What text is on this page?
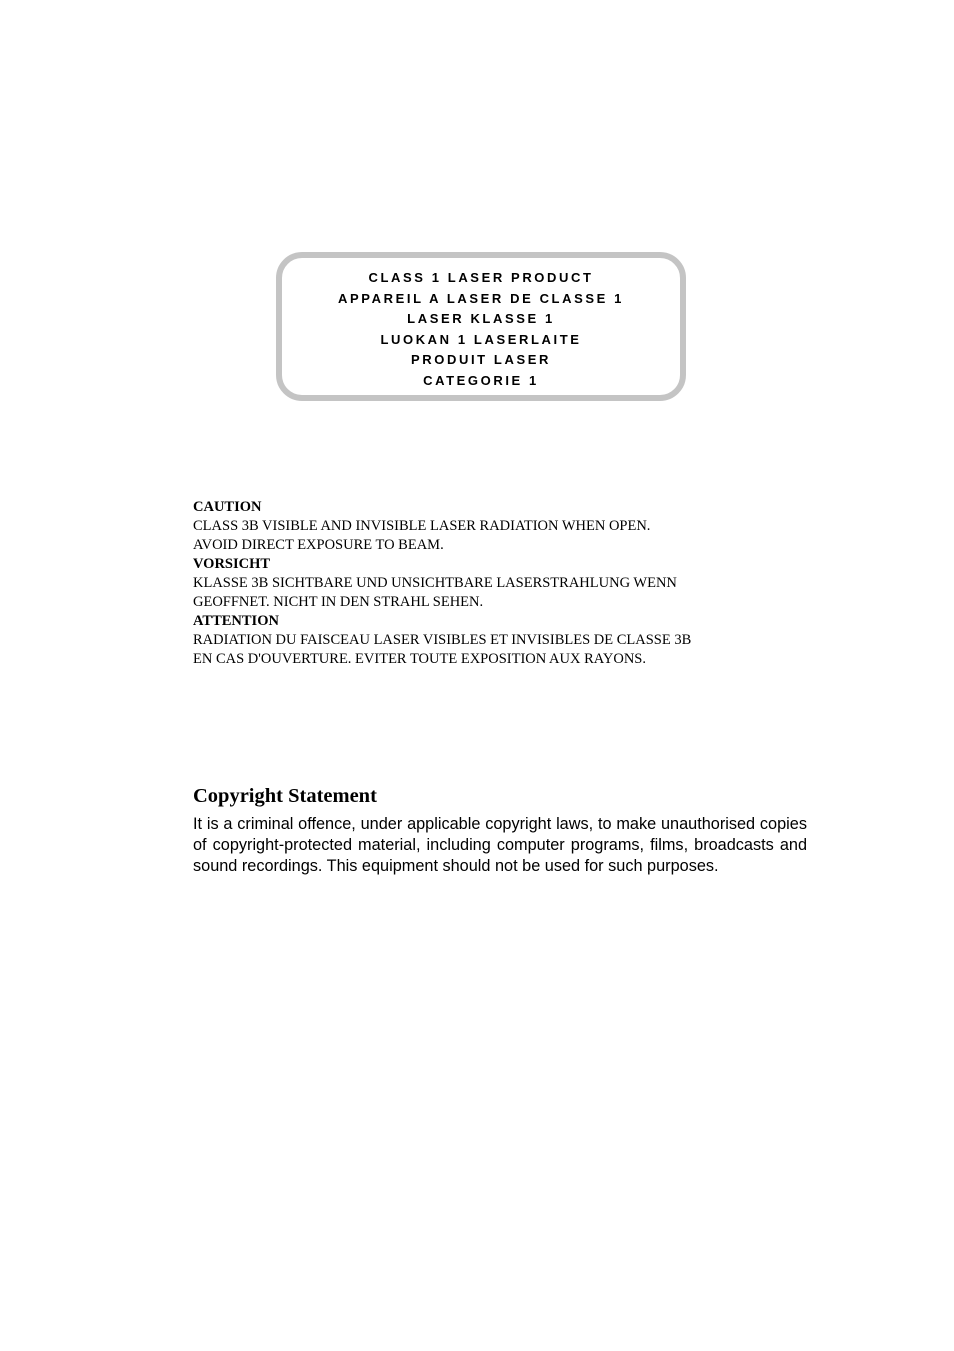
CLASS 1 LASER PRODUCT
APPAREIL A LASER DE CLASSE 1
LASER KLASSE 1
LUOKAN 1 LASERLAITE
PRODUIT LASER
CATEGORIE 1
CAUTION
CLASS 3B VISIBLE AND INVISIBLE LASER RADIATION WHEN OPEN.
AVOID DIRECT EXPOSURE TO BEAM.
VORSICHT
KLASSE 3B SICHTBARE UND UNSICHTBARE LASERSTRAHLUNG WENN
GEOFFNET. NICHT IN DEN STRAHL SEHEN.
ATTENTION
RADIATION DU FAISCEAU LASER VISIBLES ET INVISIBLES DE CLASSE 3B
EN CAS D'OUVERTURE. EVITER TOUTE EXPOSITION AUX RAYONS.
Copyright Statement
It is a criminal offence, under applicable copyright laws, to make unauthorised copies of copyright-protected material, including computer programs, films, broadcasts and sound recordings. This equipment should not be used for such purposes.
